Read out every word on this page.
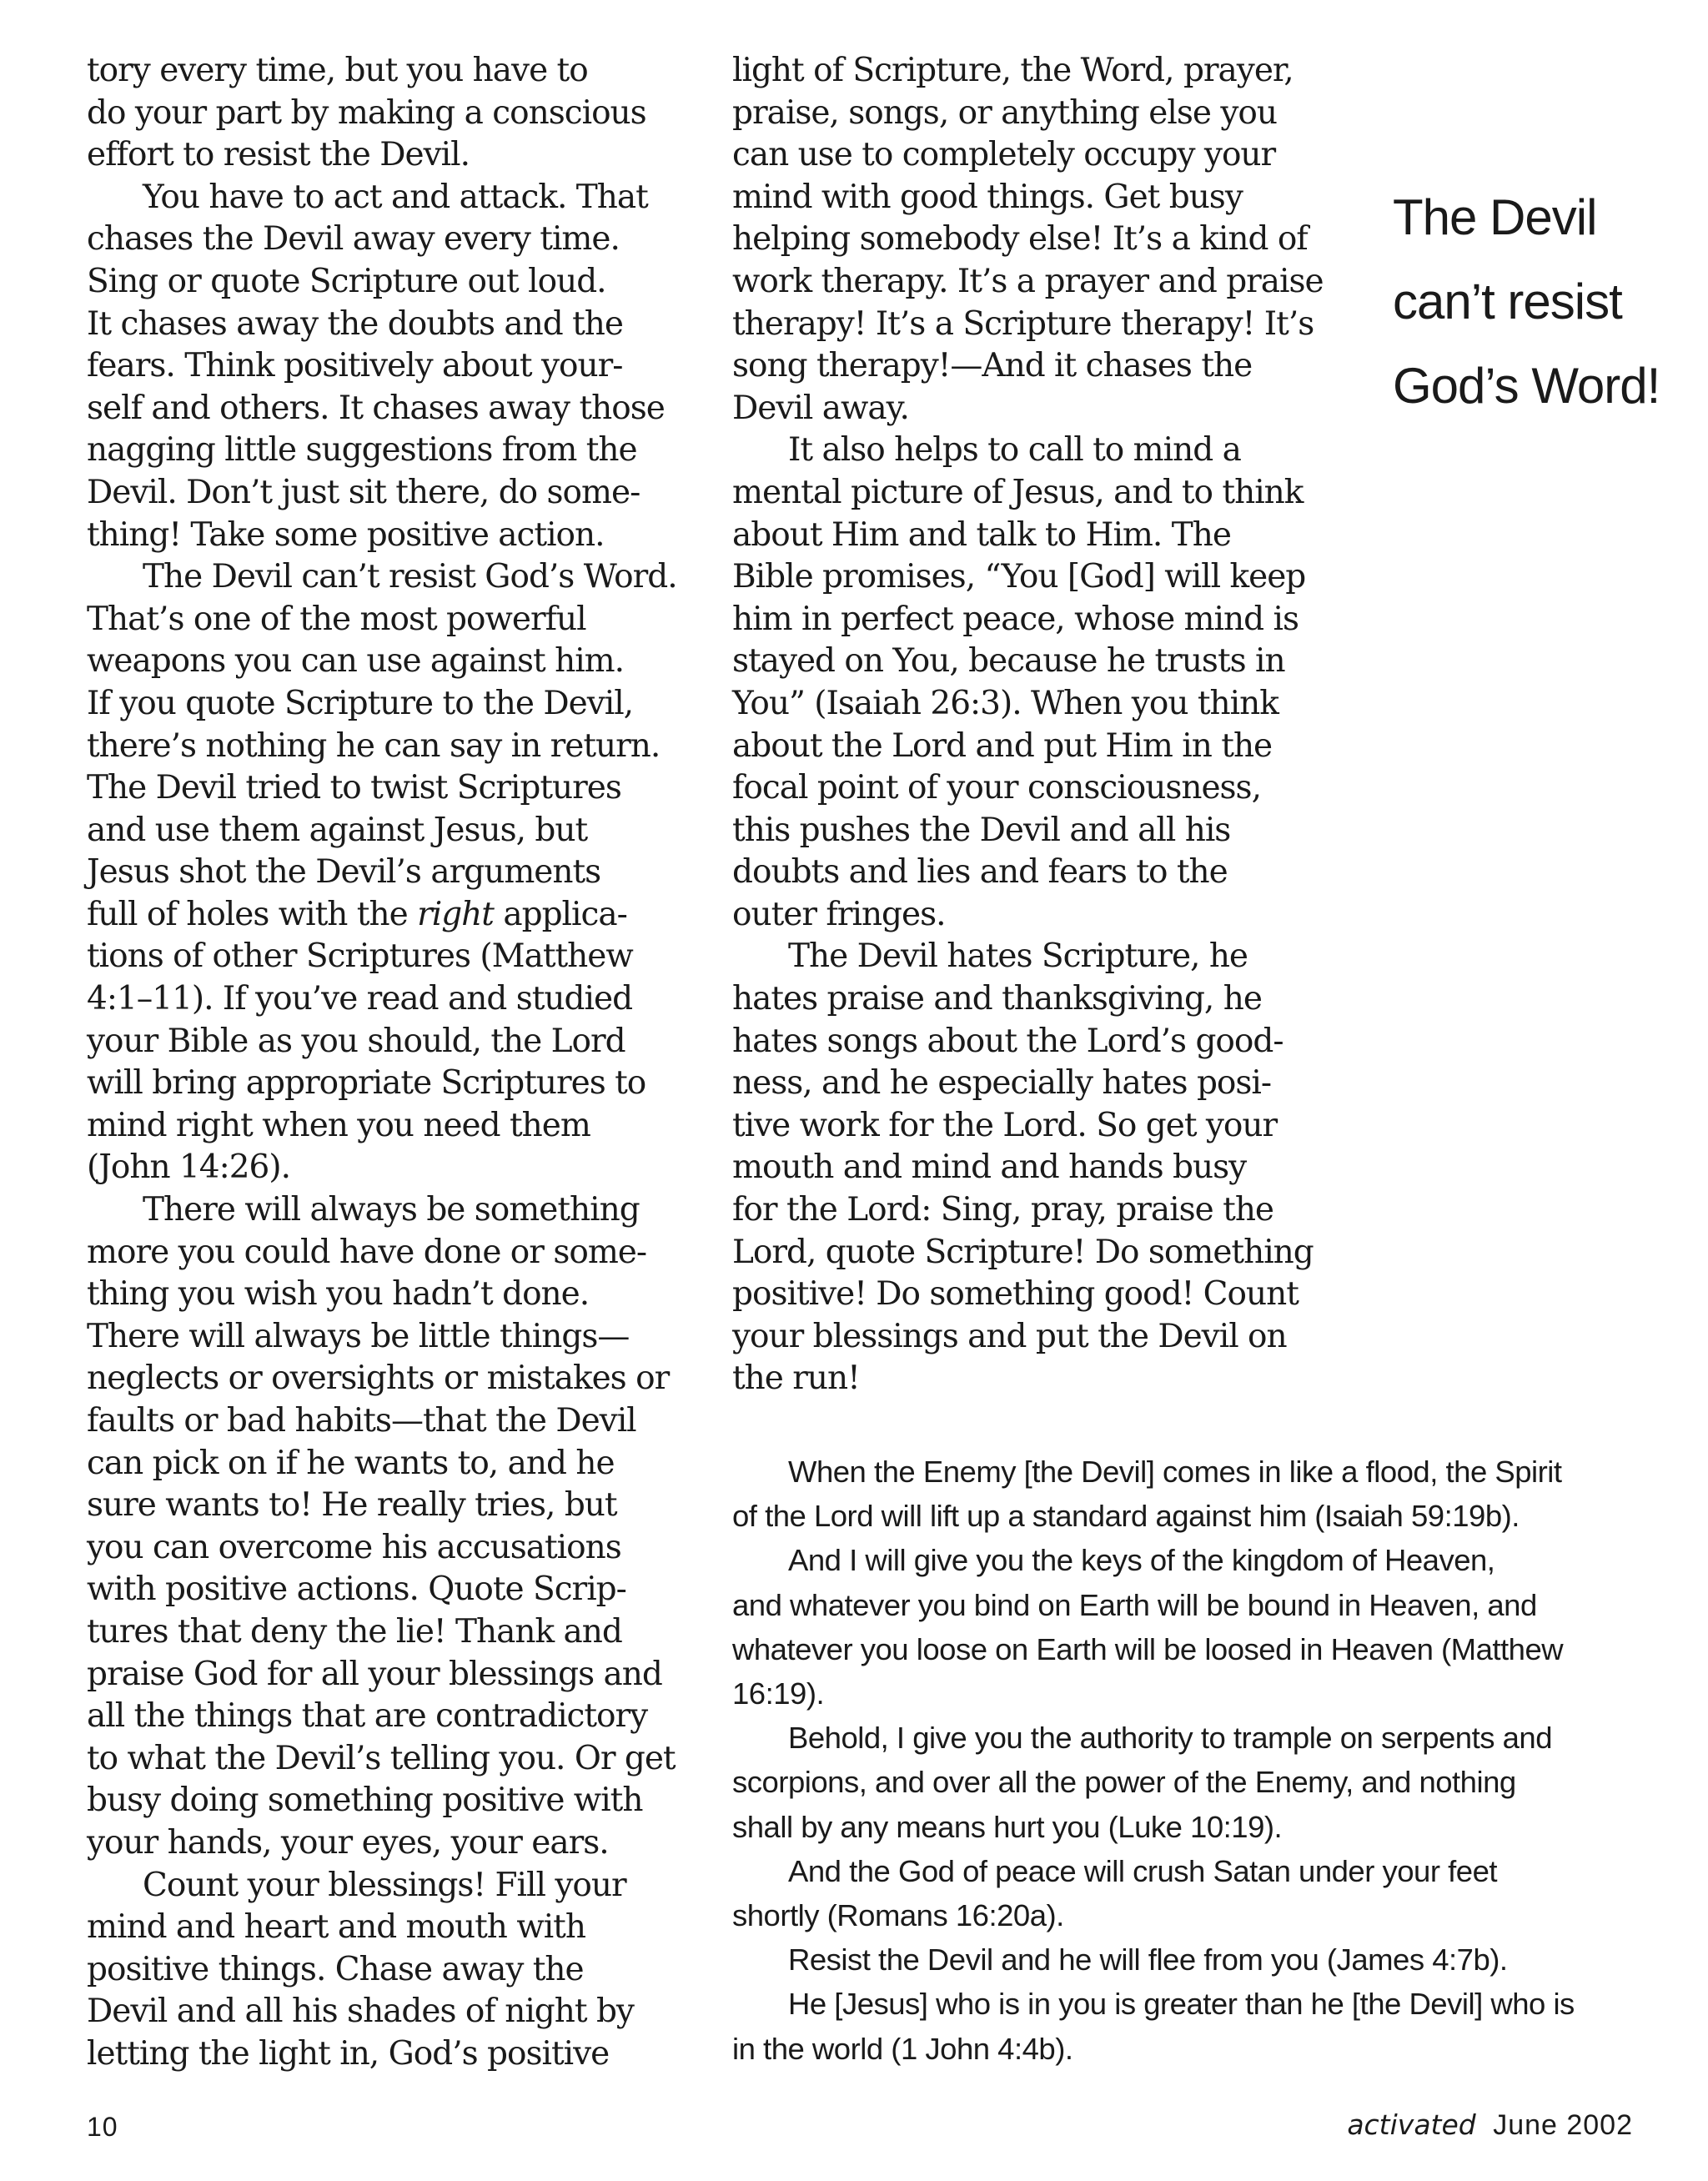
tory every time, but you have to
do your part by making a conscious
effort to resist the Devil.
You have to act and attack. That
chases the Devil away every time.
Sing or quote Scripture out loud.
It chases away the doubts and the
fears. Think positively about your-
self and others. It chases away those
nagging little suggestions from the
Devil. Don’t just sit there, do some-
thing! Take some positive action.
The Devil can’t resist God’s Word.
That’s one of the most powerful
weapons you can use against him.
If you quote Scripture to the Devil,
there’s nothing he can say in return.
The Devil tried to twist Scriptures
and use them against Jesus, but
Jesus shot the Devil’s arguments
full of holes with the right applica-
tions of other Scriptures (Matthew
4:1–11). If you’ve read and studied
your Bible as you should, the Lord
will bring appropriate Scriptures to
mind right when you need them
(John 14:26).
There will always be something
more you could have done or some-
thing you wish you hadn’t done.
There will always be little things—
neglects or oversights or mistakes or
faults or bad habits—that the Devil
can pick on if he wants to, and he
sure wants to! He really tries, but
you can overcome his accusations
with positive actions. Quote Scrip-
tures that deny the lie! Thank and
praise God for all your blessings and
all the things that are contradictory
to what the Devil’s telling you. Or get
busy doing something positive with
your hands, your eyes, your ears.
Count your blessings! Fill your
mind and heart and mouth with
positive things. Chase away the
Devil and all his shades of night by
letting the light in, God’s positive
light of Scripture, the Word, prayer,
praise, songs, or anything else you
can use to completely occupy your
mind with good things. Get busy
helping somebody else! It’s a kind of
work therapy. It’s a prayer and praise
therapy! It’s a Scripture therapy! It’s
song therapy!—And it chases the
Devil away.
It also helps to call to mind a
mental picture of Jesus, and to think
about Him and talk to Him. The
Bible promises, “You [God] will keep
him in perfect peace, whose mind is
stayed on You, because he trusts in
You” (Isaiah 26:3). When you think
about the Lord and put Him in the
focal point of your consciousness,
this pushes the Devil and all his
doubts and lies and fears to the
outer fringes.
The Devil hates Scripture, he
hates praise and thanksgiving, he
hates songs about the Lord’s good-
ness, and he especially hates posi-
tive work for the Lord. So get your
mouth and mind and hands busy
for the Lord: Sing, pray, praise the
Lord, quote Scripture! Do something
positive! Do something good! Count
your blessings and put the Devil on
the run!
The Devil
can’t resist
God’s Word!
When the Enemy [the Devil] comes in like a flood, the Spirit
of the Lord will lift up a standard against him (Isaiah 59:19b).
And I will give you the keys of the kingdom of Heaven,
and whatever you bind on Earth will be bound in Heaven, and
whatever you loose on Earth will be loosed in Heaven (Matthew
16:19).
Behold, I give you the authority to trample on serpents and
scorpions, and over all the power of the Enemy, and nothing
shall by any means hurt you (Luke 10:19).
And the God of peace will crush Satan under your feet
shortly (Romans 16:20a).
Resist the Devil and he will flee from you (James 4:7b).
He [Jesus] who is in you is greater than he [the Devil] who is
in the world (1 John 4:4b).
10	activated June 2002
